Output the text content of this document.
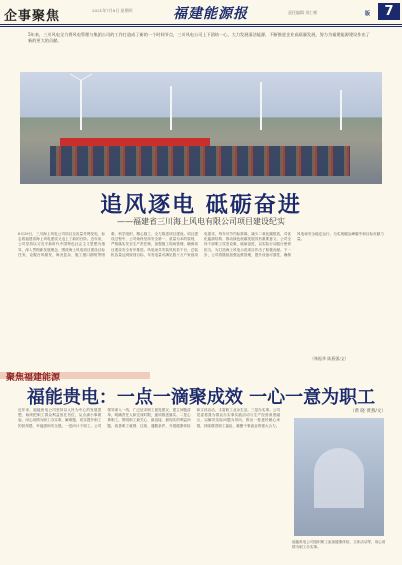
企事聚焦	2021年7月8日 星期四	福建能源报	责任编辑 刘仁彬	7
版
5年来，三川风电全力将风电管理与集团公司的工作打造成了新的一个时间节点，三川风电公司上下团结一心，大力发展清洁能源，不断推进企业高质量发展，努力为福建能源建设作出了新的更大的贡献。
追风逐电 砥砺奋进
——福建省三川海上风电有限公司项目建设纪实
6月29日，三川海上风电公司项目全容量并网发电，标志着福建省海上风电建设又迈上了新的台阶。近年来，公司坚持以习近平新时代中国特色社会主义思想为指导，深入贯彻新发展理念，围绕海上风电项目建设目标任务，克服台风频发、海况复杂、施工窗口期短等困难，科学组织，精心施工，全力推进项目建设。项目建设过程中，公司始终坚持安全第一、质量为本的原则，严格落实安全生产责任制，加强施工现场管理，确保项目建设安全有序推进。风电场共安装风机若干台，总装机容量达到规划目标，年发电量可满足数十万户家庭用电需求，每年可节约标准煤、减少二氧化碳排放，对优化能源结构、推动绿色低碳发展具有重要意义。公司全体干部职工攻坚克难，砥砺奋进，以实际行动践行使命担当，为打造海上风电示范项目作出了积极贡献。下一步，公司将继续加强运维管理，提升设备可靠性，确保风电场安全稳定运行，为实现碳达峰碳中和目标贡献力量。
（林振华 陈燕强/文）
聚焦福建能源
福能贵电：一点一滴聚成效 一心一意为职工
近年来，福能贵电公司坚持以人民为中心的发展思想，始终把职工群众利益放在首位，从点滴小事做起，用心用情为职工办实事、解难题，切实提升职工的获得感、幸福感和安全感。一是问计于职工。公司领导深入一线，广泛征求职工意见建议，建立问题清单，明确责任人和完成时限，逐项推进落实。二是心系职工。围绕职工最关心、最直接、最现实的利益问题，改善职工就餐、住宿、通勤条件，开展健康体检和文体活动，丰富职工业余生活。三是办实事。公司党委将我为群众办实事实践活动与生产经营深度融合，以解决实际问题为导向，推出一批惠民暖心举措，持续增进职工福祉，凝聚干事创业的强大合力。
（黄 晓 黄燕/文）
福能贵电公司组织职工参加健康体检、文体活动等，用心用情为职工办实事。
